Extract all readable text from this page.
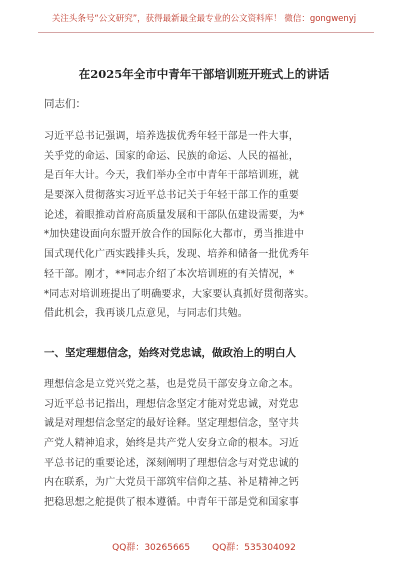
关注头条号“公文研究”，获得最新最全最专业的公文资料库！ 微信：gongwenyj
在2025年全市中青年干部培训班开班式上的讲话
同志们：
习近平总书记强调，培养选拔优秀年轻干部是一件大事，
关乎党的命运、国家的命运、民族的命运、人民的福祉，
是百年大计。今天，我们举办全市中青年干部培训班，就
是要深入贯彻落实习近平总书记关于年轻干部工作的重要
论述，着眼推动首府高质量发展和干部队伍建设需要，为*
*加快建设面向东盟开放合作的国际化大都市，勇当推进中
国式现代化广西实践排头兵，发现、培养和储备一批优秀年
轻干部。刚才，**同志介绍了本次培训班的有关情况，*
*同志对培训班提出了明确要求，大家要认真抓好贯彻落实。
借此机会，我再谈几点意见，与同志们共勉。
一、坚定理想信念，始终对党忠诚，做政治上的明白人
理想信念是立党兴党之基，也是党员干部安身立命之本。
习近平总书记指出，理想信念坚定才能对党忠诚，对党忠
诚是对理想信念坚定的最好诠释。坚定理想信念，坚守共
产党人精神追求，始终是共产党人安身立命的根本。习近
平总书记的重要论述，深刻阐明了理想信念与对党忠诚的
内在联系，为广大党员干部筑牢信仰之基、补足精神之钙
把稳思想之舵提供了根本遵循。中青年干部是党和国家事
QQ群：30265665 QQ群：535304092
